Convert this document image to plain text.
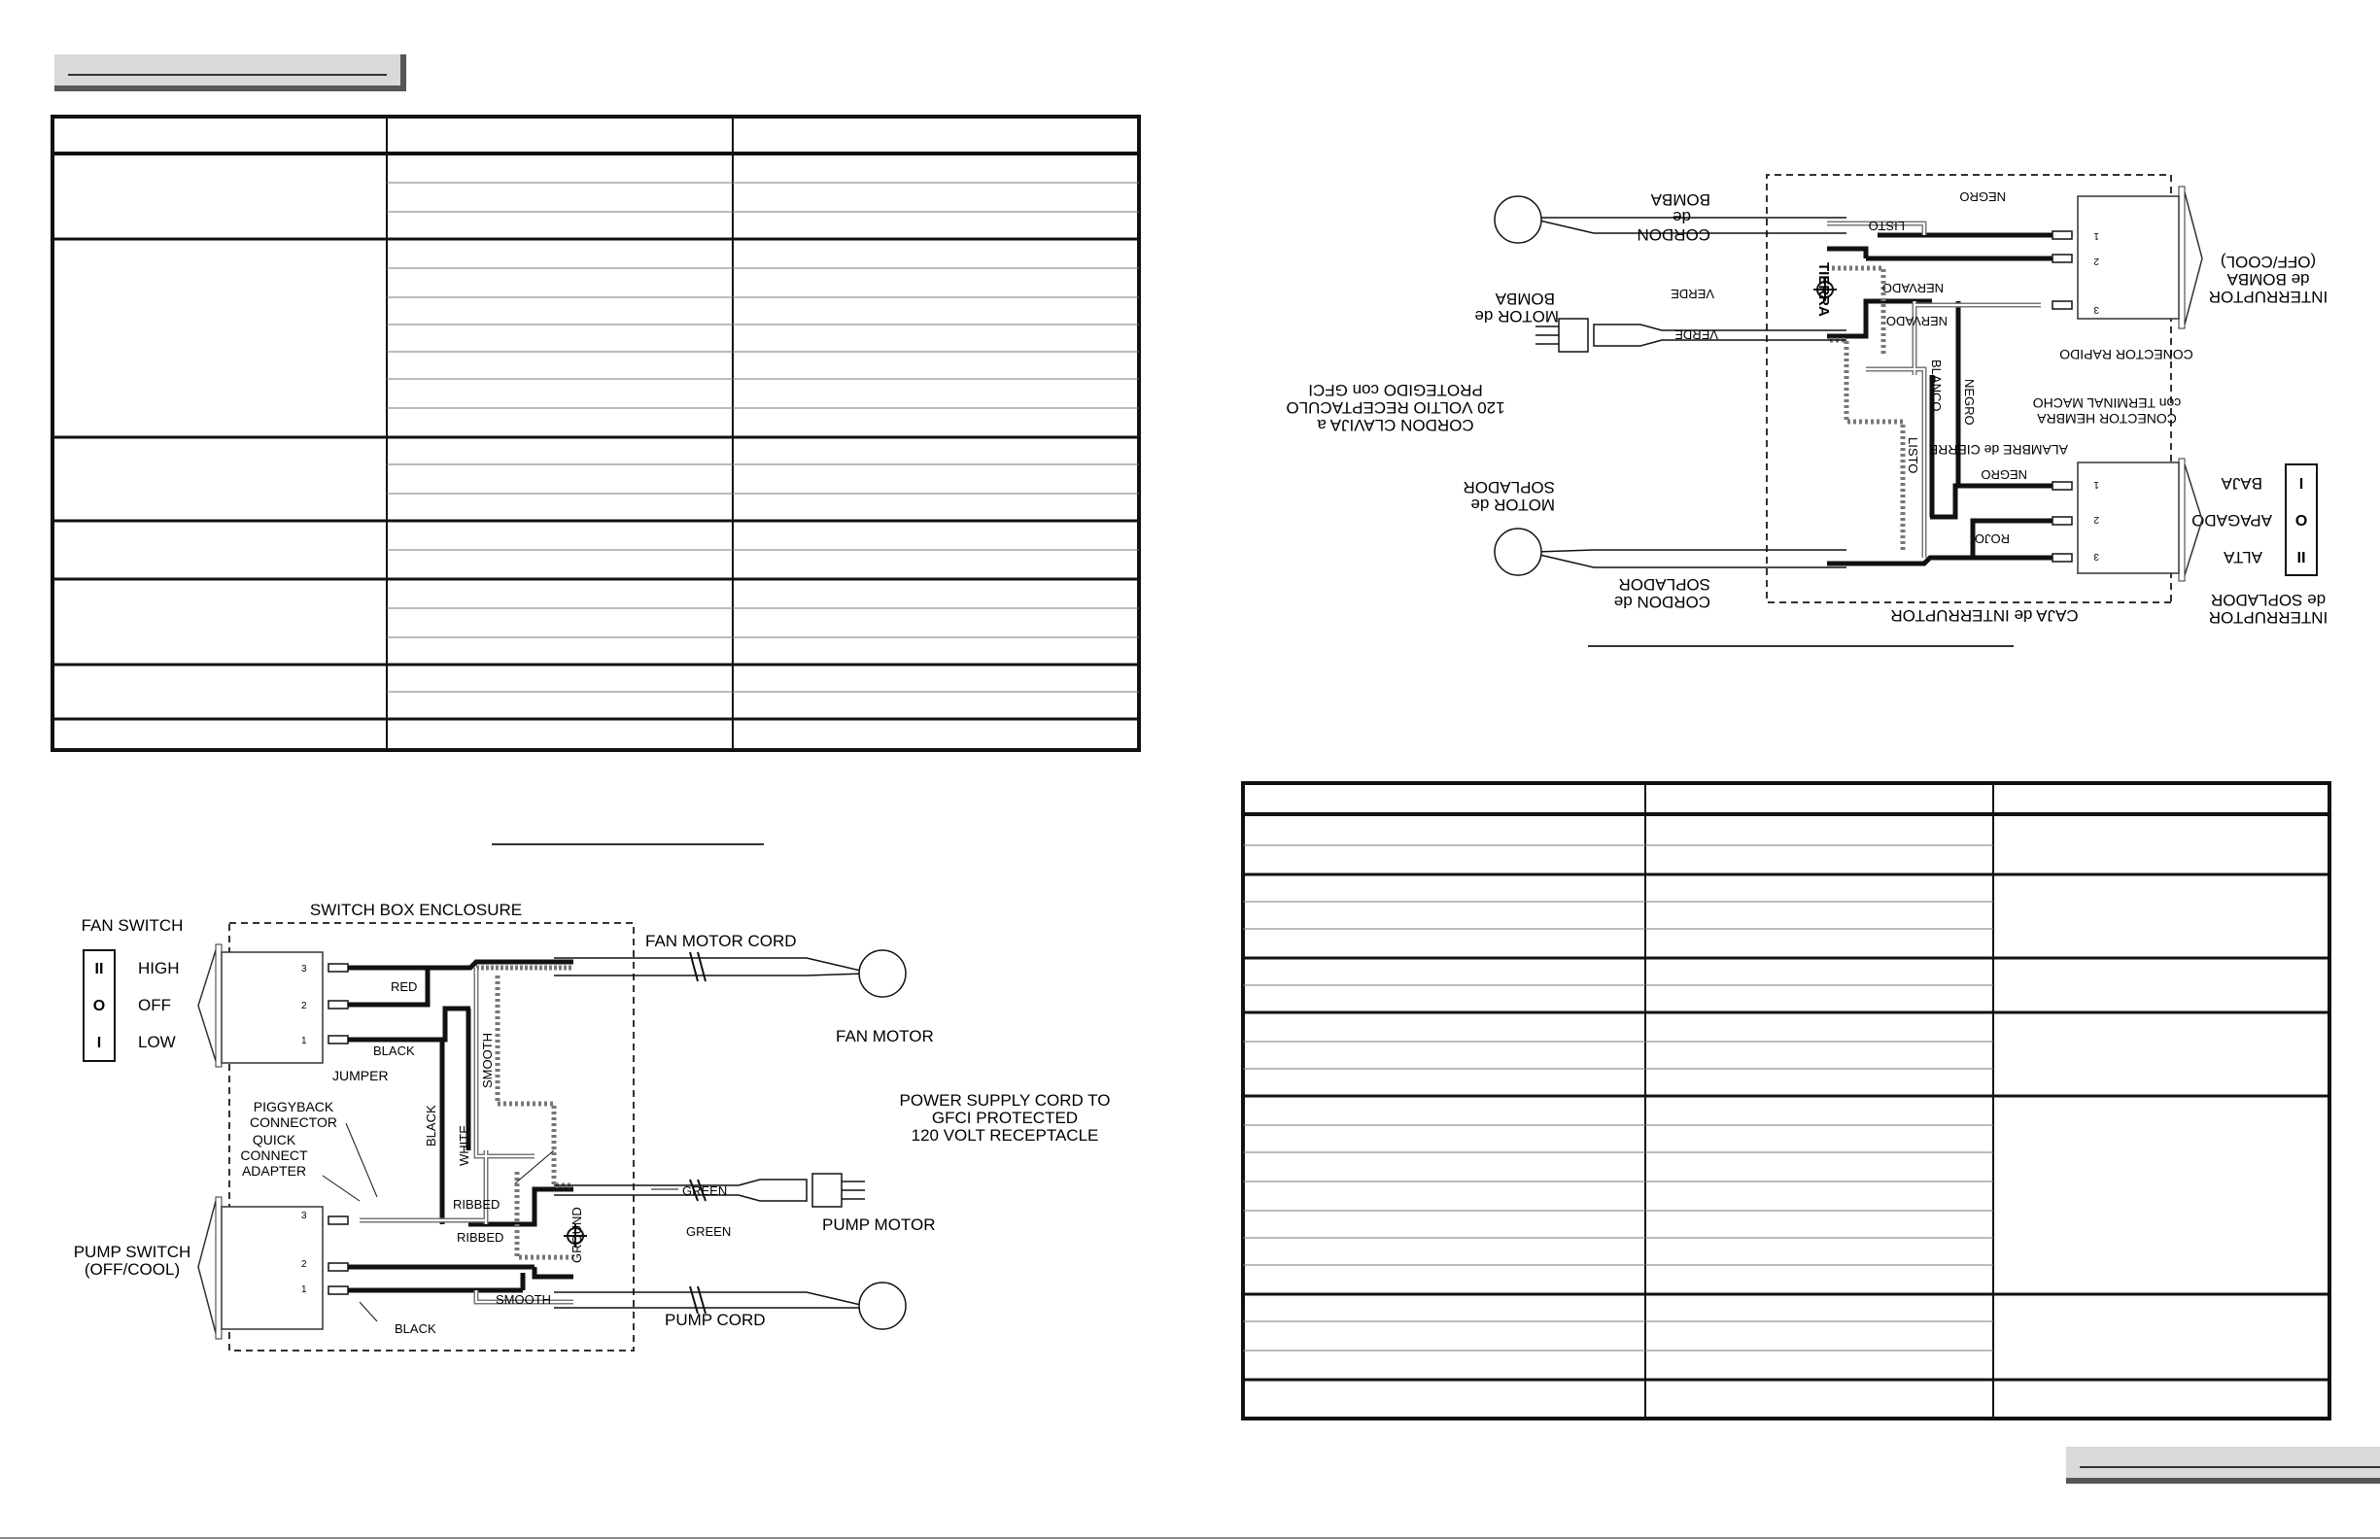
SWITCH BOX ENCLOSURE
FAN SWITCH
II
O
I
HIGH
OFF
LOW
3
2
1
PUMP SWITCH
(OFF/COOL)
3
2
1
FAN MOTOR CORD
FAN MOTOR
POWER SUPPLY CORD TO
GFCI PROTECTED
120 VOLT RECEPTACLE
PUMP MOTOR
PUMP CORD
RED
BLACK
JUMPER
PIGGYBACK
CONNECTOR
QUICK
CONNECT
ADAPTER
SMOOTH
BLACK WHITE
RIBBED
RIBBED	GROUND
GREEN
GREEN
SMOOTH
BLACK
CAJA de INTERRUPTOR	INTERRUPTOR
de SOPLADOR
II
O
I
ALTA
APAGADO
BAJA
3
2
1
INTERRUPTOR
de BOMBA
(OFF/COOL)
3
2
1
CORDON de
SOPLADOR
MOTOR de
SOPLADOR
CORDON CLAVIJA a
120 VOLTIO RECEPTACULO
PROTEGIDO con GFCI
MOTOR de
BOMBA
CORDON
de
BOMBA
ROJO
NEGRO
ALAMBRE de CIERRE
CONECTOR HEMBRA
con TERMINAL MACHO
CONECTOR RAPIDO
LISTO
NEGRO
BLANCO
NERVADO
NERVADO
TIERRA
VERDE
VERDE
LISTO
NEGRO
